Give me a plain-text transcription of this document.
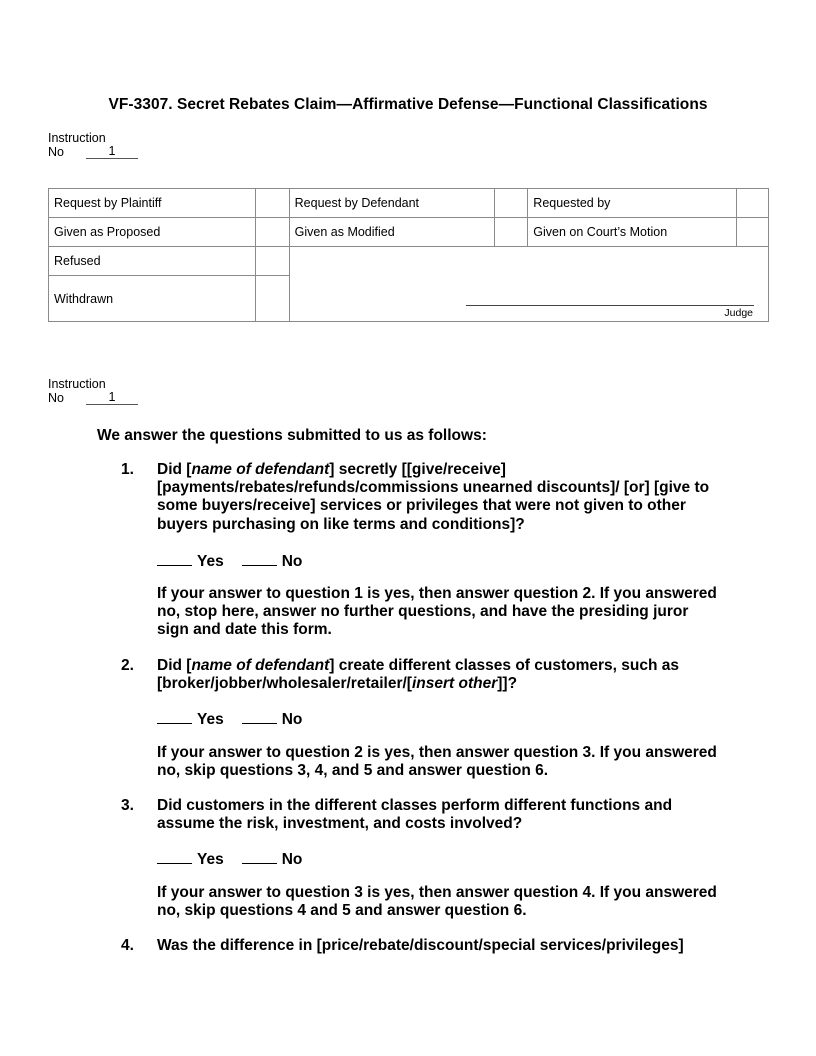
VF-3307. Secret Rebates Claim—Affirmative Defense—Functional Classifications
Instruction
No	1
Request by Plaintiff		Request by Defendant		Requested by	
Given as Proposed		Given as Modified		Given on Court’s Motion	
Refused		Judge			

Withdrawn					
Instruction
No	1
We answer the questions submitted to us as follows:
1. Did [name of defendant] secretly [[give/receive] [payments/rebates/refunds/commissions unearned discounts]/ [or] [give to some buyers/receive] services or privileges that were not given to other buyers purchasing on like terms and conditions]?
Yes	No
If your answer to question 1 is yes, then answer question 2. If you answered no, stop here, answer no further questions, and have the presiding juror sign and date this form.
2. Did [name of defendant] create different classes of customers, such as [broker/jobber/wholesaler/retailer/[insert other]]?
Yes	No
If your answer to question 2 is yes, then answer question 3. If you answered no, skip questions 3, 4, and 5 and answer question 6.
3. Did customers in the different classes perform different functions and assume the risk, investment, and costs involved?
Yes	No
If your answer to question 3 is yes, then answer question 4. If you answered no, skip questions 4 and 5 and answer question 6.
4. Was the difference in [price/rebate/discount/special services/privileges]
